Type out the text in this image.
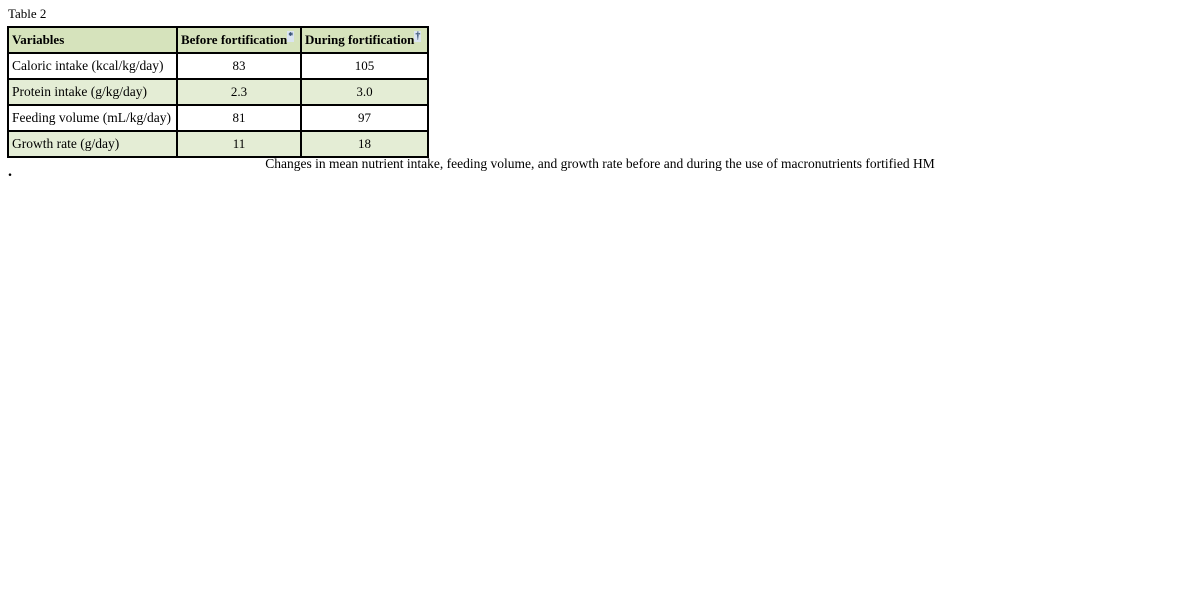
Table 2
Variables	Before fortification*	During fortification†
Caloric intake (kcal/kg/day)	83	105
Protein intake (g/kg/day)	2.3	3.0
Feeding volume (mL/kg/day)	81	97
Growth rate (g/day)	11	18
Changes in mean nutrient intake, feeding volume, and growth rate before and during the use of macronutrients fortified HM
.
